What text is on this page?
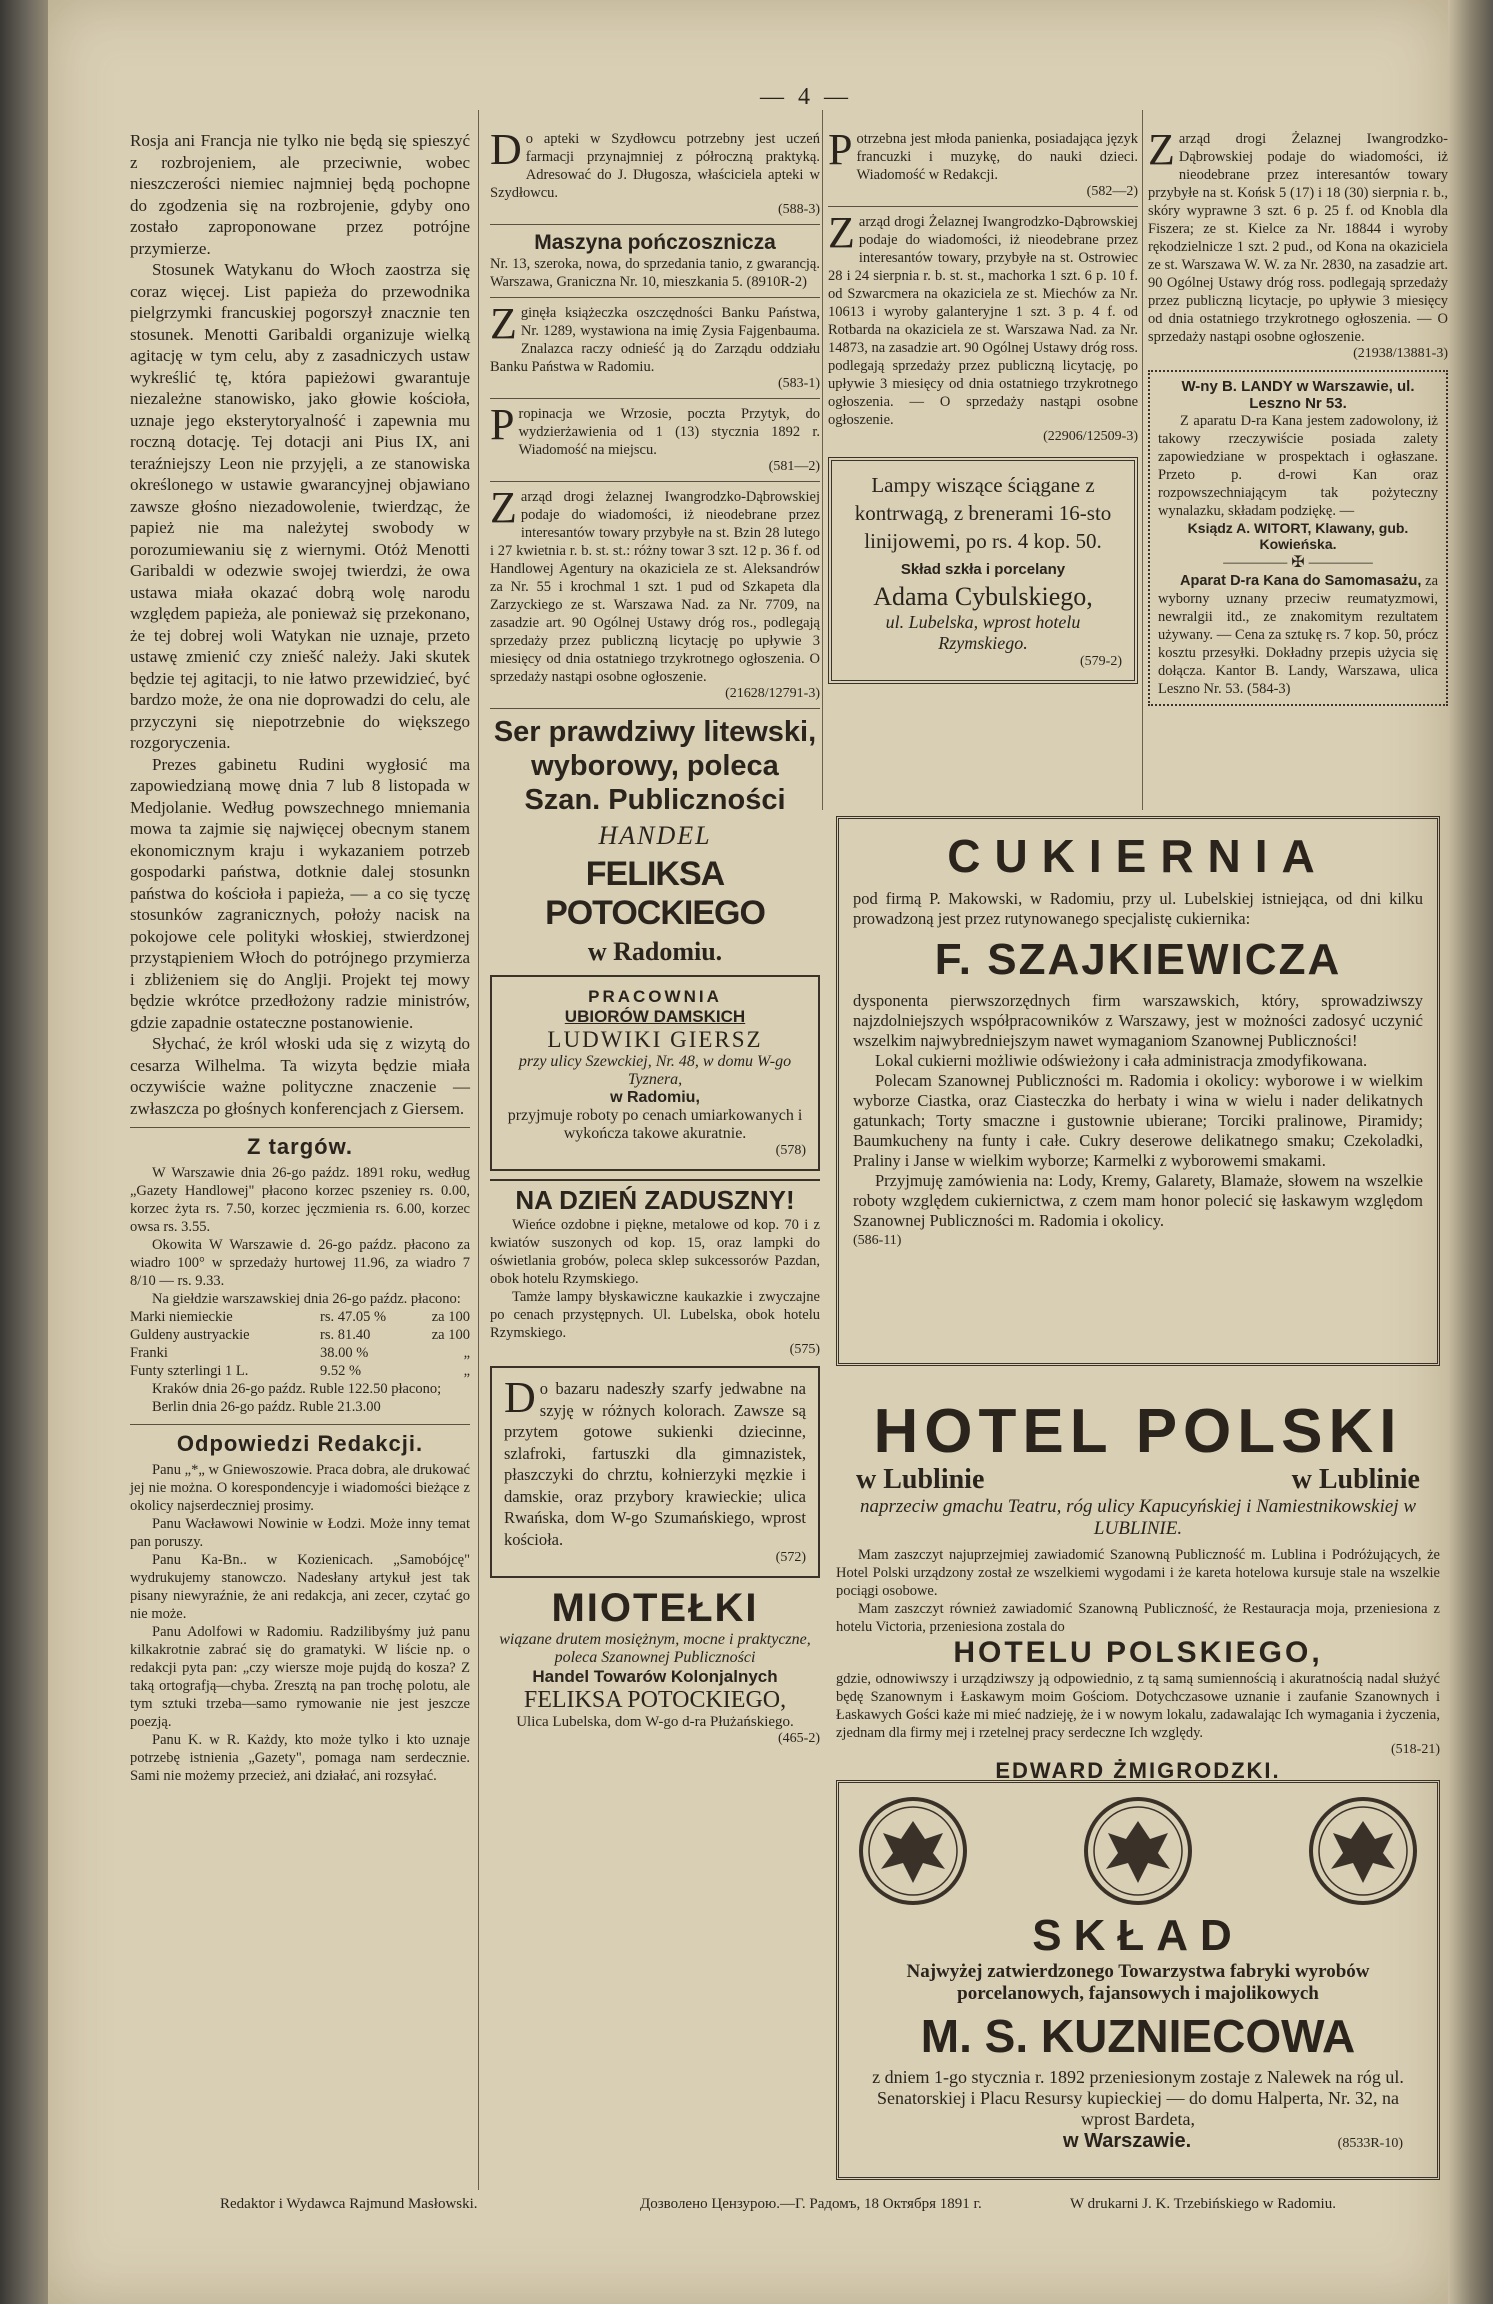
— 4 —

Rosja ani Francja nie tylko nie będą się spieszyć z rozbrojeniem, ale przeciwnie, wobec nieszczerości niemiec najmniej będą pochopne do zgodzenia się na rozbrojenie, gdyby ono zostało zaproponowane przez potrójne przymierze.

Stosunek Watykanu do Włoch zaostrza się coraz więcej. List papieża do przewodnika pielgrzymki francuskiej pogorszył znacznie ten stosunek. Menotti Garibaldi organizuje wielką agitację w tym celu, aby z zasadniczych ustaw wykreślić tę, która papieżowi gwarantuje niezależne stanowisko, jako głowie kościoła, uznaje jego eksterytoryalność i zapewnia mu roczną dotację. Tej dotacji ani Pius IX, ani teraźniejszy Leon nie przyjęli, a ze stanowiska określonego w ustawie gwarancyjnej objawiano zawsze głośno niezadowolenie, twierdząc, że papież nie ma należytej swobody w porozumiewaniu się z wiernymi. Otóż Menotti Garibaldi w odezwie swojej twierdzi, że owa ustawa miała okazać dobrą wolę narodu względem papieża, ale ponieważ się przekonano, że tej dobrej woli Watykan nie uznaje, przeto ustawę zmienić czy zniešć należy. Jaki skutek będzie tej agitacji, to nie łatwo przewidzieć, być bardzo może, że ona nie doprowadzi do celu, ale przyczyni się niepotrzebnie do większego rozgoryczenia.

Prezes gabinetu Rudini wygłosić ma zapowiedzianą mowę dnia 7 lub 8 listopada w Medjolanie. Według powszechnego mniemania mowa ta zajmie się najwięcej obecnym stanem ekonomicznym kraju i wykazaniem potrzeb gospodarki państwa, dotknie dalej stosunkn państwa do kościoła i papieża, — a co się tyczę stosunków zagranicznych, położy nacisk na pokojowe cele polityki włoskiej, stwierdzonej przystąpieniem Włoch do potrójnego przymierza i zbliżeniem się do Anglji. Projekt tej mowy będzie wkrótce przedłożony radzie ministrów, gdzie zapadnie ostateczne postanowienie.

Słychać, że król włoski uda się z wizytą do cesarza Wilhelma. Ta wizyta będzie miała oczywiście ważne polityczne znaczenie — zwłaszcza po głośnych konferencjach z Giersem.

Z targów.

W Warszawie dnia 26-go paźdz. 1891 roku, według „Gazety Handlowej" płacono korzec pszeniey rs. 0.00, korzec żyta rs. 7.50, korzec jęczmienia rs. 6.00, korzec owsa rs. 3.55.

Okowita W Warszawie d. 26-go paźdz. płacono za wiadro 100° w sprzedaży hurtowej 11.96, za wiadro 7 8/10 — rs. 9.33.

Na giełdzie warszawskiej dnia 26-go paźdz. płacono:

Marki niemieckie	rs. 47.05 %	za 100
Guldeny austryackie	rs. 81.40	za 100
Franki	38.00 %	„
Funty szterlingi 1 L.	9.52 %	„

Kraków dnia 26-go paźdz. Ruble 122.50 płacono;

Berlin dnia 26-go paźdz. Ruble 21.3.00

Odpowiedzi Redakcji.

Panu „*„ w Gniewoszowie. Praca dobra, ale drukować jej nie można. O korespondencyje i wiadomości bieżące z okolicy najserdeczniej prosimy.

Panu Wacławowi Nowinie w Łodzi. Może inny temat pan poruszy.

Panu Ka-Bn.. w Kozienicach. „Samobójcę" wydrukujemy stanowczo. Nadesłany artykuł jest tak pisany niewyraźnie, że ani redakcja, ani zecer, czytać go nie może.

Panu Adolfowi w Radomiu. Radzilibyśmy już panu kilkakrotnie zabrać się do gramatyki. W liście np. o redakcji pyta pan: „czy wiersze moje pujdą do kosza? Z taką ortografją—chyba. Zresztą na pan trochę polotu, ale tym sztuki trzeba—samo rymowanie nie jest jeszcze poezją.

Panu K. w R. Każdy, kto może tylko i kto uznaje potrzebę istnienia „Gazety", pomaga nam serdecznie. Sami nie możemy przecież, ani działać, ani rozsyłać.

D o apteki w Szydłowcu potrzebny jest uczeń farmacji przynajmniej z półroczną praktyką. Adresować do J. Długosza, właściciela apteki w Szydłowcu.

(588-3)
Maszyna pończosznicza

Nr. 13, szeroka, nowa, do sprzedania tanio, z gwarancją. Warszawa, Graniczna Nr. 10, mieszkania 5. (8910R-2)

Z ginęła książeczka oszczędności Banku Państwa, Nr. 1289, wystawiona na imię Zysia Fajgenbauma. Znalazca raczy odnieść ją do Zarządu oddziału Banku Państwa w Radomiu.

(583-1)
P ropinacja we Wrzosie, poczta Przytyk, do wydzierżawienia od 1 (13) stycznia 1892 r. Wiadomość na miejscu.

(581—2)
Z arząd drogi żelaznej Iwangrodzko-Dąbrowskiej podaje do wiadomości, iż nieodebrane przez interesantów towary przybyłe na st. Bzin 28 lutego i 27 kwietnia r. b. st. st.: różny towar 3 szt. 12 p. 36 f. od Handlowej Agentury na okaziciela ze st. Aleksandrów za Nr. 55 i krochmal 1 szt. 1 pud od Szkapeta dla Zarzyckiego ze st. Warszawa Nad. za Nr. 7709, na zasadzie art. 90 Ogólnej Ustawy dróg ros., podlegają sprzedaży przez publiczną licytację po upływie 3 miesięcy od dnia ostatniego trzykrotnego ogłoszenia. O sprzedaży nastąpi osobne ogłoszenie.

(21628/12791-3)
Ser prawdziwy litewski, wyborowy, poleca Szan. Publiczności
HANDEL
FELIKSA POTOCKIEGO
w Radomiu.
PRACOWNIA
UBIORÓW DAMSKICH
LUDWIKI GIERSZ
przy ulicy Szewckiej, Nr. 48, w domu W-go Tyznera,
w Radomiu,
przyjmuje roboty po cenach umiarkowanych i wykończa takowe akuratnie.
(578)
NA DZIEŃ ZADUSZNY!

Wieńce ozdobne i piękne, metalowe od kop. 70 i z kwiatów suszonych od kop. 15, oraz lampki do oświetlania grobów, poleca sklep sukcessorów Pazdan, obok hotelu Rzymskiego.

Tamże lampy błyskawiczne kaukazkie i zwyczajne po cenach przystępnych. Ul. Lubelska, obok hotelu Rzymskiego.

(575)
D o bazaru nadeszły szarfy jedwabne na szyję w różnych kolorach. Zawsze są przytem gotowe sukienki dziecinne, szlafroki, fartuszki dla gimnazistek, płaszczyki do chrztu, kołnierzyki męzkie i damskie, oraz przybory krawieckie; ulica Rwańska, dom W-go Szumańskiego, wprost kościoła.

(572)
MIOTEŁKI
wiązane drutem mosiężnym, mocne i praktyczne, poleca Szanownej Publiczności
Handel Towarów Kolonjalnych
FELIKSA POTOCKIEGO,
Ulica Lubelska, dom W-go d-ra Płużańskiego.
(465-2)
P otrzebna jest młoda panienka, posiadająca język francuzki i muzykę, do nauki dzieci. Wiadomość w Redakcji.

(582—2)
Z arząd drogi Żelaznej Iwangrodzko-Dąbrowskiej podaje do wiadomości, iż nieodebrane przez interesantów towary, przybyłe na st. Ostrowiec 28 i 24 sierpnia r. b. st. st., machorka 1 szt. 6 p. 10 f. od Szwarcmera na okaziciela ze st. Miechów za Nr. 10613 i wyroby galanteryjne 1 szt. 3 p. 4 f. od Rotbarda na okaziciela ze st. Warszawa Nad. za Nr. 14873, na zasadzie art. 90 Ogólnej Ustawy dróg ross. podlegają sprzedaży przez publiczną licytację, po upływie 3 miesięcy od dnia ostatniego trzykrotnego ogłoszenia. — O sprzedaży nastąpi osobne ogłoszenie.

(22906/12509-3)
Lampy wiszące ściągane z kontrwagą, z brenerami 16-sto linijowemi, po rs. 4 kop. 50.
Skład szkła i porcelany
Adama Cybulskiego,
ul. Lubelska, wprost hotelu Rzymskiego.
(579-2)
Z arząd drogi Żelaznej Iwangrodzko-Dąbrowskiej podaje do wiadomości, iż nieodebrane przez interesantów towary przybyłe na st. Końsk 5 (17) i 18 (30) sierpnia r. b., skóry wyprawne 3 szt. 6 p. 25 f. od Knobla dla Fiszera; ze st. Kielce za Nr. 18844 i wyroby rękodzielnicze 1 szt. 2 pud., od Kona na okaziciela ze st. Warszawa W. W. za Nr. 2830, na zasadzie art. 90 Ogólnej Ustawy dróg ross. podlegają sprzedaży przez publiczną licytacje, po upływie 3 miesięcy od dnia ostatniego trzykrotnego ogłoszenia. — O sprzedaży nastąpi osobne ogłoszenie.

(21938/13881-3)
W-ny B. LANDY w Warszawie, ul. Leszno Nr 53.

Z aparatu D-ra Kana jestem zadowolony, iż takowy rzeczywiście posiada zalety zapowiedziane w prospektach i ogłaszane. Przeto p. d-rowi Kan oraz rozpowszechniającym tak pożyteczny wynalazku, składam podziękę. —

Ksiądz A. WITORT, Klawany, gub. Kowieńska.
———— ✠ ————

Aparat D-ra Kana do Samomasażu, za wyborny uznany przeciw reumatyzmowi, newralgii itd., ze znakomitym rezultatem używany. — Cena za sztukę rs. 7 kop. 50, prócz kosztu przesyłki. Dokładny przepis użycia się dołącza. Kantor B. Landy, Warszawa, ulica Leszno Nr. 53. (584-3)

CUKIERNIA

pod firmą P. Makowski, w Radomiu, przy ul. Lubelskiej istniejąca, od dni kilku prowadzoną jest przez rutynowanego specjalistę cukiernika:

F. SZAJKIEWICZA

dysponenta pierwszorzędnych firm warszawskich, który, sprowadziwszy najzdolniejszych współpracowników z Warszawy, jest w możności zadosyć uczynić wszelkim najwybredniejszym nawet wymaganiom Szanownej Publiczności!

Lokal cukierni możliwie odświeżony i cała administracja zmodyfikowana.

Polecam Szanownej Publiczności m. Radomia i okolicy: wyborowe i w wielkim wyborze Ciastka, oraz Ciasteczka do herbaty i wina w wielu i nader delikatnych gatunkach; Torty smaczne i gustownie ubierane; Torciki pralinowe, Piramidy; Baumkucheny na funty i całe. Cukry deserowe delikatnego smaku; Czekoladki, Praliny i Janse w wielkim wyborze; Karmelki z wyborowemi smakami.

Przyjmuję zamówienia na: Lody, Kremy, Galarety, Blamaże, słowem na wszelkie roboty względem cukiernictwa, z czem mam honor polecić się łaskawym względom Szanownej Publiczności m. Radomia i okolicy.

(586-11)
HOTEL POLSKI
w Lublinie	w Lublinie
naprzeciw gmachu Teatru, róg ulicy Kapucyńskiej i Namiestnikowskiej w LUBLINIE.

Mam zaszczyt najuprzejmiej zawiadomić Szanowną Publiczność m. Lublina i Podróżujących, że Hotel Polski urządzony został ze wszelkiemi wygodami i że kareta hotelowa kursuje stale na wszelkie pociągi osobowe.

Mam zaszczyt również zawiadomić Szanowną Publiczność, że Restauracja moja, przeniesiona z hotelu Victoria, przeniesiona zostala do

HOTELU POLSKIEGO,

gdzie, odnowiwszy i urządziwszy ją odpowiednio, z tą samą sumiennością i akuratnością nadal służyć będę Szanownym i Łaskawym moim Gościom. Dotychczasowe uznanie i zaufanie Szanownych i Łaskawych Gości każe mi mieć nadzieję, że i w nowym lokalu, zadawalając Ich wymagania i życzenia, zjednam dla firmy mej i rzetelnej pracy serdeczne Ich względy.

(518-21)
EDWARD ŻMIGRODZKI.
SKŁAD
Najwyżej zatwierdzonego Towarzystwa fabryki wyrobów porcelanowych, fajansowych i majolikowych
M. S. KUZNIECOWA
z dniem 1-go stycznia r. 1892 przeniesionym zostaje z Nalewek na róg ul. Senatorskiej i Placu Resursy kupieckiej — do domu Halperta, Nr. 32, na wprost Bardeta,
w Warszawie.	(8533R-10)
Redaktor i Wydawca Rajmund Masłowski.	Дозволено Цензурою.—Г. Радомъ, 18 Октября 1891 г.	W drukarni J. K. Trzebińskiego w Radomiu.
